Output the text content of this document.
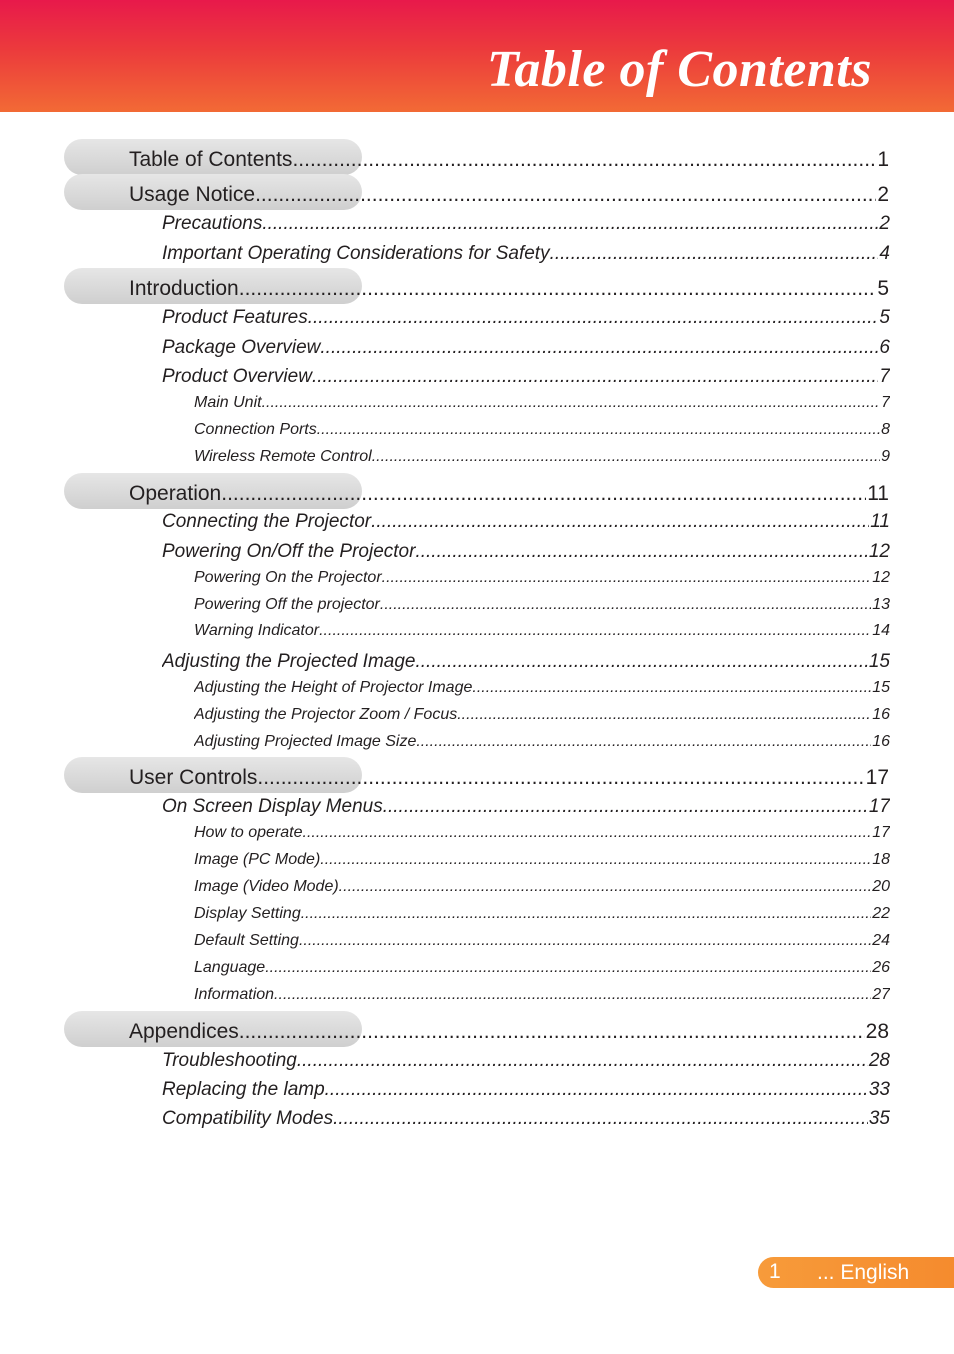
Table of Contents
Table of Contents .....	1
Usage Notice .....	2
Precautions .....	2
Important Operating Considerations for Safety .....	4
Introduction .....	5
Product Features .....	5
Package Overview .....	6
Product Overview .....	7
Main Unit .....	7
Connection Ports .....	8
Wireless Remote Control .....	9
Operation .....	11
Connecting the Projector .....	11
Powering On/Off the Projector .....	12
Powering On the Projector .....	12
Powering Off the projector .....	13
Warning Indicator .....	14
Adjusting the Projected Image .....	15
Adjusting the Height of Projector Image .....	15
Adjusting the Projector Zoom / Focus .....	16
Adjusting Projected Image Size .....	16
User Controls .....	17
On Screen Display Menus .....	17
How to operate .....	17
Image (PC Mode) .....	18
Image (Video Mode) .....	20
Display Setting .....	22
Default Setting .....	24
Language .....	26
Information .....	27
Appendices .....	28
Troubleshooting .....	28
Replacing the lamp .....	33
Compatibility Modes .....	35
1 ... English
